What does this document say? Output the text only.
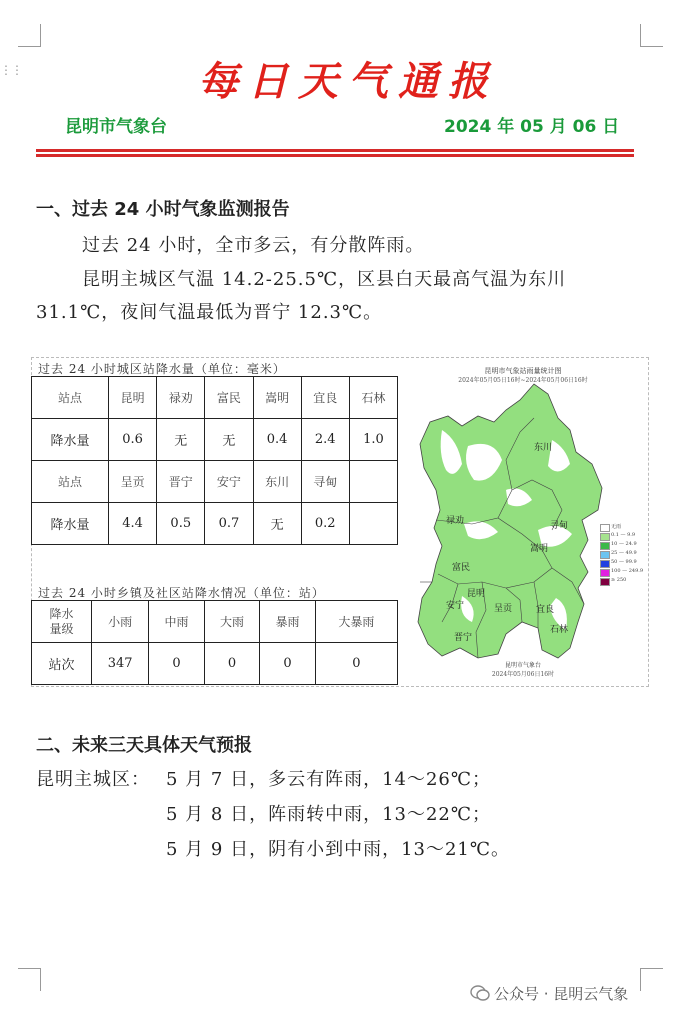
⋮⋮	每日天气通报
昆明市气象台	2024 年 05 月 06 日
一、过去 24 小时气象监测报告
过去 24 小时，全市多云，有分散阵雨。
昆明主城区气温 14.2-25.5℃，区县白天最高气温为东川
31.1℃，夜间气温最低为晋宁 12.3℃。
过去 24 小时城区站降水量（单位：毫米）
站点	昆明	禄劝	富民	嵩明	宜良	石林
降水量	0.6	无	无	0.4	2.4	1.0
站点	呈贡	晋宁	安宁	东川	寻甸	
降水量	4.4	0.5	0.7	无	0.2	
过去 24 小时乡镇及社区站降水情况（单位：站）
降水
量级	小雨	中雨	大雨	暴雨	大暴雨
站次	347	0	0	0	0
昆明市气象站雨量统计图
2024年05月05日16时~2024年05月06日16时
东川
禄劝	寻甸
嵩明
富民
昆明
安宁	呈贡	宜良
晋宁
石林
无雨
0.1 — 9.9
10 — 24.9
25 — 49.9
50 — 99.9
100 — 249.9
≥ 250
昆明市气象台
2024年05月06日16时
二、未来三天具体天气预报
昆明主城区： 5 月 7 日，多云有阵雨，14～26℃；
5 月 8 日，阵雨转中雨，13～22℃；
5 月 9 日，阴有小到中雨，13～21℃。
公众号 · 昆明云气象
